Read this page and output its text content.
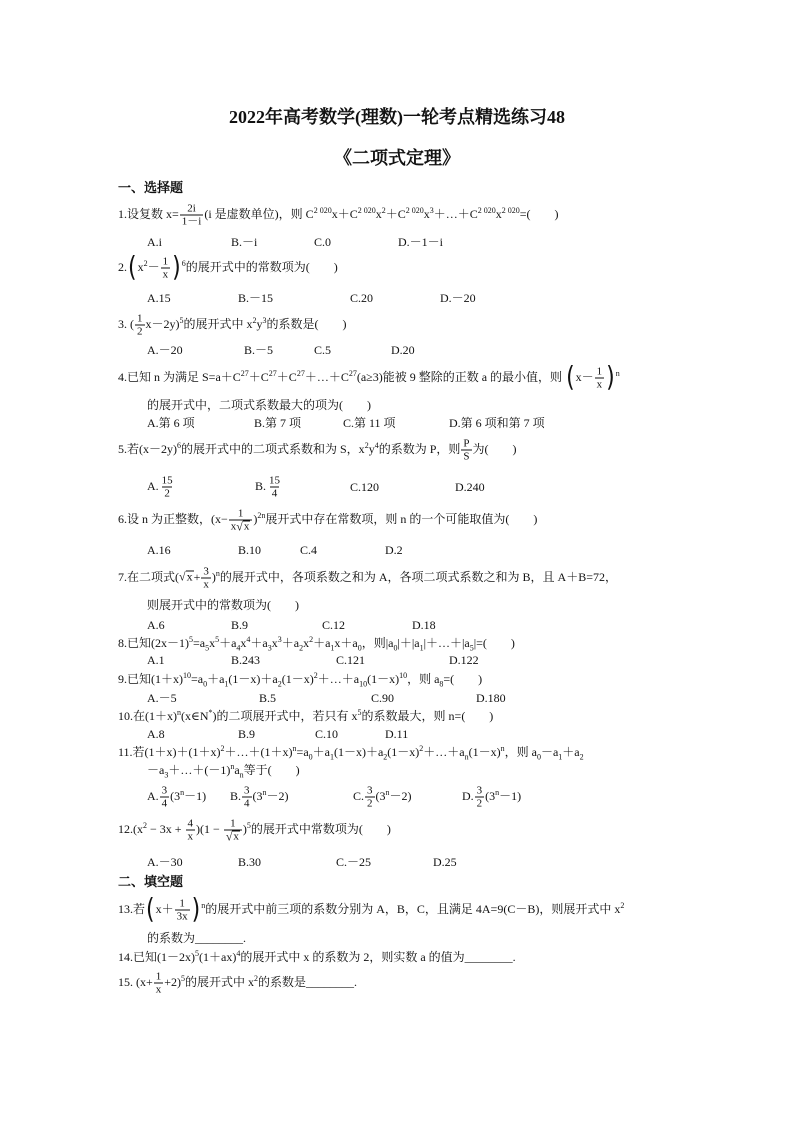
2022年高考数学(理数)一轮考点精选练习48
《二项式定理》
一、选择题
二、填空题
1.设复数 $x= \frac{2i}{1-i} (i$ 是虚数单位)，则 $C^{2 020}x+C^{2 020}x^2+C^{2 020}x^3+\dots+C^{2 020}x^{2 020}=$(　　)
A.i	B.－i	C.0	D.－1－i
$2.(x^2- \frac{1}{x} )^6$的展开式中的常数项为(　　)
A.15	B.－15	C.20	D.－20
3. ( $\frac{1}{2} x-2y)^5$的展开式中 $x^2y^3$的系数是(　　)
A.－20	B.－5	C.5	D.20
4.已知 n 为满足 $S=a+C^{27}+C^{27}+C^{27}+\dots+C^{27}(a\ge 3)$能被 9 整除的正数 a 的最小值，则 $(x- \frac{1}{x} )^n$
的展开式中，二项式系数最大的项为(　　)
A.第 6 项	B.第 7 项	C.第 11 项	D.第 6 项和第 7 项
5.若$(x-2y)^6$的展开式中的二项式系数和为 S，$x^2y^4$的系数为 P，则 $\frac{P}{S}$ 为(　　)
A. $\frac{15}{2}$	B. $\frac{15}{4}$	C.120	D.240
6.设 n 为正整数，$(x- \frac{1}{x √ x} )^{2n}$展开式中存在常数项，则 n 的一个可能取值为(　　)
A.16	B.10	C.4	D.2
7.在二项式( √ $x + \frac{3}{x} )^n$的展开式中，各项系数之和为 A，各项二项式系数之和为 B，且 A＋B=72，
则展开式中的常数项为(　　)
A.6	B.9	C.12	D.18
8.已知$(2x-1)^5=a_5x^5+a_4x^4+a_3x^3+a_2x^2+a_1x+a_0$，则$|a_0|+|a_1|+\dots+|a_5|=$(　　)
A.1	B.243	C.121	D.122
9.已知$(1+x)^{10}=a_0+a_1(1-x)+a_2(1-x)^2+\dots+a_{10}(1-x)^{10}$，则 $a_8=$(　　)
A.－5	B.5	C.90	D.180
10.在$(1+x)^n(x\in N^*)$的二项展开式中，若只有 $x^5$的系数最大，则 n=(　　)
A.8	B.9	C.10	D.11
11.若$(1+x)+(1+x)^2+\dots+(1+x)^n=a_0+a_1(1-x)+a_2(1-x)^2+\dots+a_n(1-x)^n$，则 $a_0-a_1+a_2$
$-a_3+\dots+(-1)^na_n$等于(　　)
A. $\frac{3}{4} (3^n-1)$ B. $\frac{3}{4} (3^n-2)$	C. $\frac{3}{2} (3^n-2)$	D. $\frac{3}{2} (3^n-1)$
$12.(x^2 - 3x + \frac{4}{x} )(1 - \frac{1}{√ x} )^5$的展开式中常数项为(　　)
A.－30	B.30	C.－25	D.25
13.若$(x+ \frac{1}{3x} )^n$的展开式中前三项的系数分别为 A，B，C，且满足 4A=9(C－B)，则展开式中 $x^2$
的系数为________.
14.已知$(1-2x)^5(1+ax)^4$的展开式中 x 的系数为 2，则实数 a 的值为________.
15. $(x+ \frac{1}{x} +2)^5$的展开式中 $x^2$的系数是________.
